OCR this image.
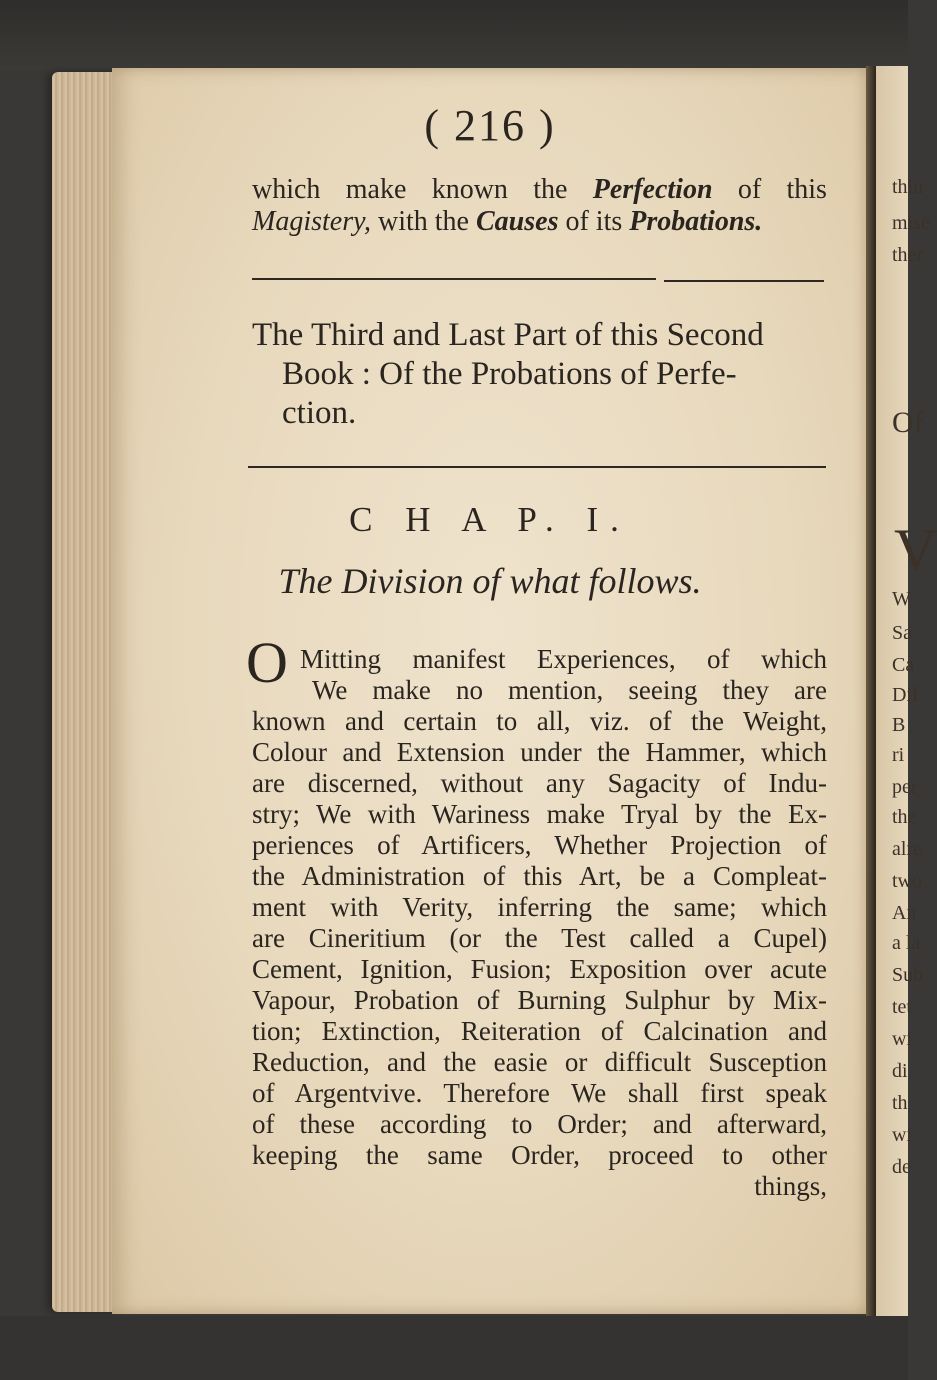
thin
mise
ther
Of
V
W
Sa
Ca
Dif
B
ri
per
the
alre
two
An
a la
Sub
tet
wi
di
th
wi
de
( 216 )
which make known the Perfection of this
Magistery, with the Causes of its Probations.
The Third and Last Part of this Second
Book : Of the Probations of Perfe-
ction.
C H A P. I.
The Division of what follows.
O Mitting manifest Experiences, of which
We make no mention, seeing they are
known and certain to all, viz. of the Weight,
Colour and Extension under the Hammer, which
are discerned, without any Sagacity of Indu-
stry; We with Wariness make Tryal by the Ex-
periences of Artificers, Whether Projection of
the Administration of this Art, be a Compleat-
ment with Verity, inferring the same; which
are Cineritium (or the Test called a Cupel)
Cement, Ignition, Fusion; Exposition over acute
Vapour, Probation of Burning Sulphur by Mix-
tion; Extinction, Reiteration of Calcination and
Reduction, and the easie or difficult Susception
of Argentvive. Therefore We shall first speak
of these according to Order; and afterward,
keeping the same Order, proceed to other
things,
